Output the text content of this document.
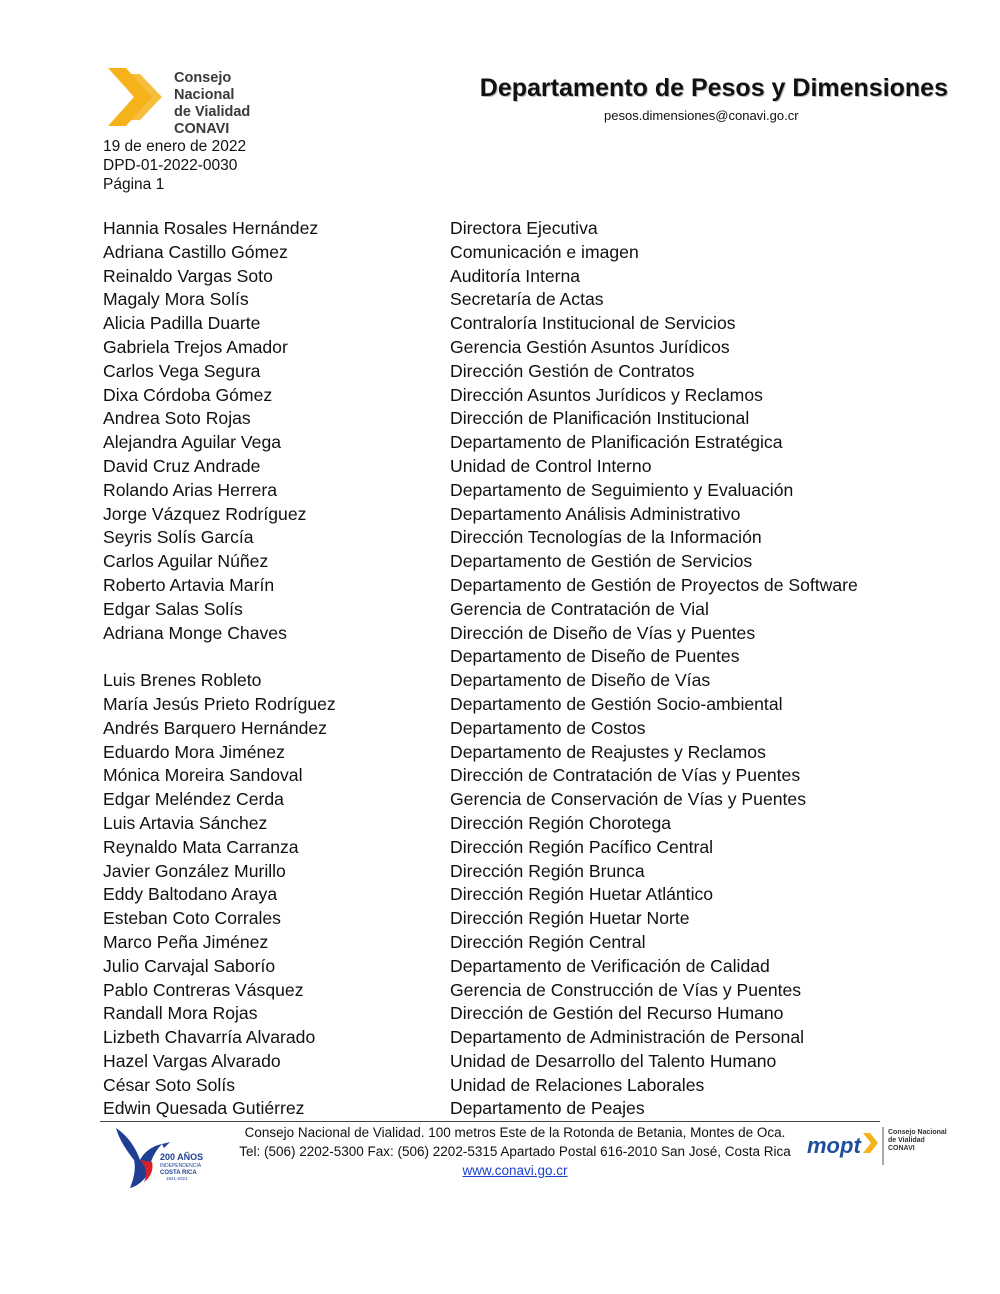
Consejo Nacional
de Vialidad
CONAVI
Departamento de Pesos y Dimensiones
pesos.dimensiones@conavi.go.cr
19 de enero de 2022
DPD-01-2022-0030
Página 1
Hannia Rosales Hernández	Directora Ejecutiva
Adriana Castillo Gómez	Comunicación e imagen
Reinaldo Vargas Soto	Auditoría Interna
Magaly Mora Solís	Secretaría de Actas
Alicia Padilla Duarte	Contraloría Institucional de Servicios
Gabriela Trejos Amador	Gerencia Gestión Asuntos Jurídicos
Carlos Vega Segura	Dirección Gestión de Contratos
Dixa Córdoba Gómez	Dirección Asuntos Jurídicos y Reclamos
Andrea Soto Rojas	Dirección de Planificación Institucional
Alejandra Aguilar Vega	Departamento de Planificación Estratégica
David Cruz Andrade	Unidad de Control Interno
Rolando Arias Herrera	Departamento de Seguimiento y Evaluación
Jorge Vázquez Rodríguez	Departamento Análisis Administrativo
Seyris Solís García	Dirección Tecnologías de la Información
Carlos Aguilar Núñez	Departamento de Gestión de Servicios
Roberto Artavia Marín	Departamento de Gestión de Proyectos de Software
Edgar Salas Solís	Gerencia de Contratación de Vial
Adriana Monge Chaves	Dirección de Diseño de Vías y Puentes
Departamento de Diseño de Puentes
Luis Brenes Robleto	Departamento de Diseño de Vías
María Jesús Prieto Rodríguez	Departamento de Gestión Socio-ambiental
Andrés Barquero Hernández	Departamento de Costos
Eduardo Mora Jiménez	Departamento de Reajustes y Reclamos
Mónica Moreira Sandoval	Dirección de Contratación de Vías y Puentes
Edgar Meléndez Cerda	Gerencia de Conservación de Vías y Puentes
Luis Artavia Sánchez	Dirección Región Chorotega
Reynaldo Mata Carranza	Dirección Región Pacífico Central
Javier González Murillo	Dirección Región Brunca
Eddy Baltodano Araya	Dirección Región Huetar Atlántico
Esteban Coto Corrales	Dirección Región Huetar Norte
Marco Peña Jiménez	Dirección Región Central
Julio Carvajal Saborío	Departamento de Verificación de Calidad
Pablo Contreras Vásquez	Gerencia de Construcción de Vías y Puentes
Randall Mora Rojas	Dirección de Gestión del Recurso Humano
Lizbeth Chavarría Alvarado	Departamento de Administración de Personal
Hazel Vargas Alvarado	Unidad de Desarrollo del Talento Humano
César Soto Solís	Unidad de Relaciones Laborales
Edwin Quesada Gutiérrez	Departamento de Peajes
200 AÑOS
INDEPENDENCIA
COSTA RICA
1821-2021
Consejo Nacional de Vialidad. 100 metros Este de la Rotonda de Betania, Montes de Oca.
Tel: (506) 2202-5300 Fax: (506) 2202-5315 Apartado Postal 616-2010 San José, Costa Rica
www.conavi.go.cr
mopt
Consejo Nacional
de Vialidad
CONAVI
